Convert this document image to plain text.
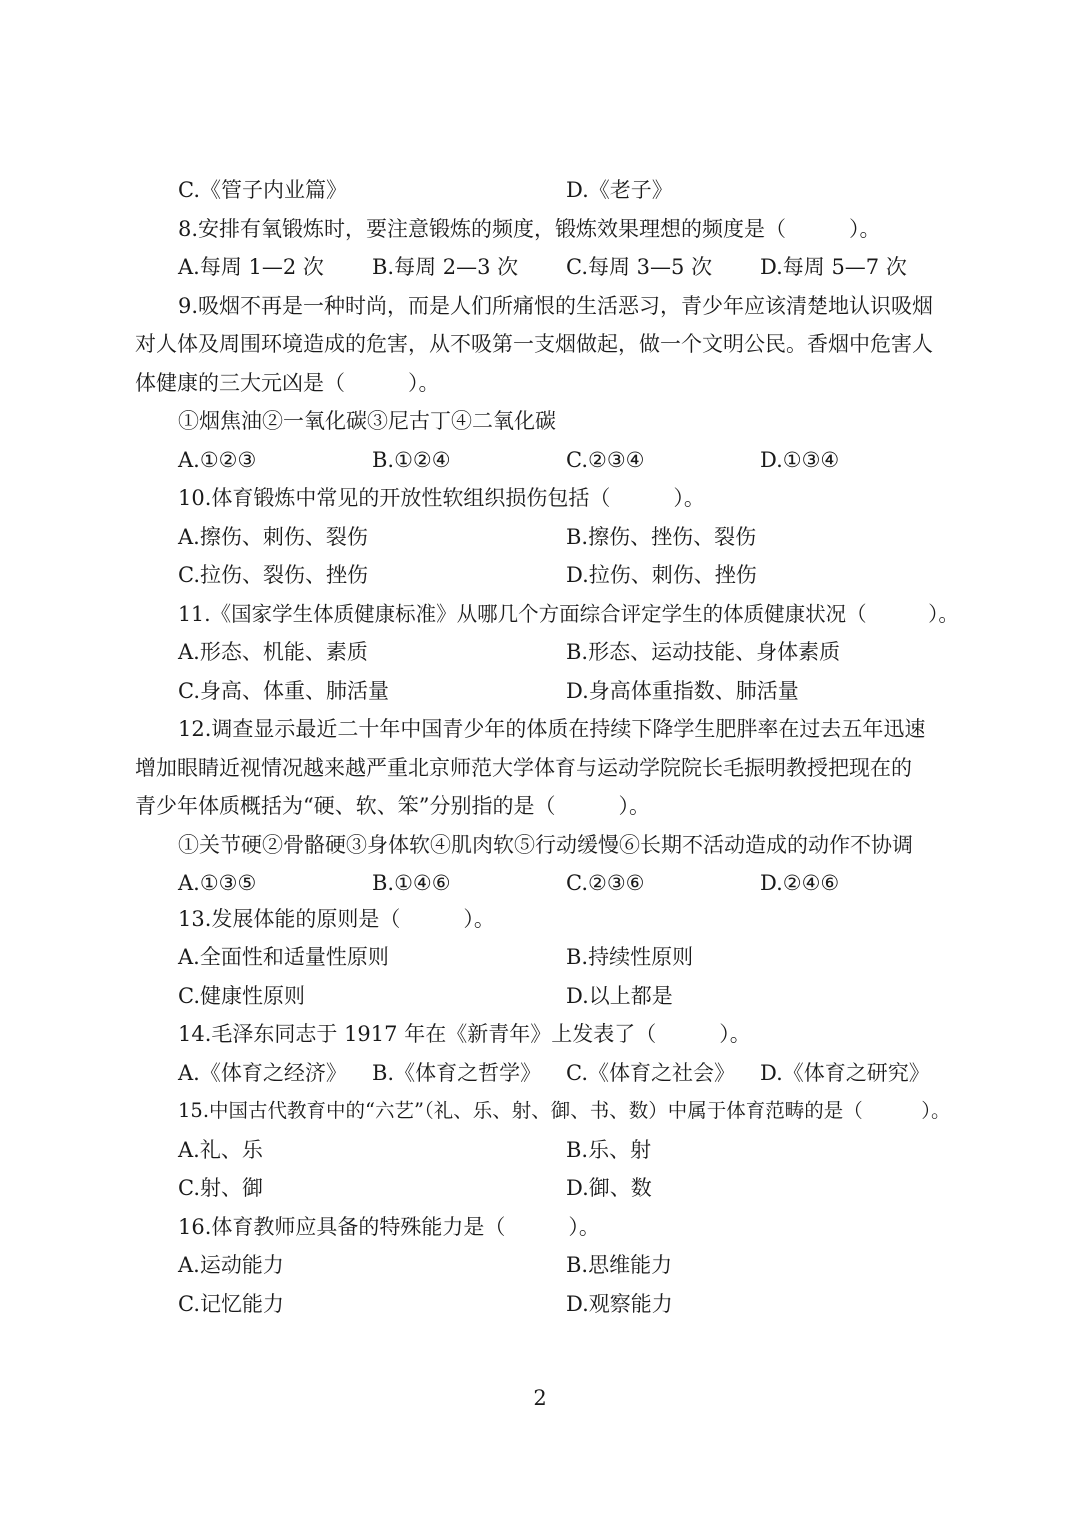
C.《管子内业篇》	D.《老子》
8.安排有氧锻炼时，要注意锻炼的频度，锻炼效果理想的频度是（　　　）。
A.每周 1—2 次 B.每周 2—3 次 C.每周 3—5 次 D.每周 5—7 次
9.吸烟不再是一种时尚，而是人们所痛恨的生活恶习，青少年应该清楚地认识吸烟
对人体及周围环境造成的危害，从不吸第一支烟做起，做一个文明公民。香烟中危害人
体健康的三大元凶是（　　　）。
①烟焦油②一氧化碳③尼古丁④二氧化碳
A.①②③	B.①②④	C.②③④	D.①③④
10.体育锻炼中常见的开放性软组织损伤包括（　　　）。
A.擦伤、刺伤、裂伤	B.擦伤、挫伤、裂伤
C.拉伤、裂伤、挫伤	D.拉伤、刺伤、挫伤
11.《国家学生体质健康标准》从哪几个方面综合评定学生的体质健康状况（　　　）。
A.形态、机能、素质	B.形态、运动技能、身体素质
C.身高、体重、肺活量	D.身高体重指数、肺活量
12.调查显示最近二十年中国青少年的体质在持续下降学生肥胖率在过去五年迅速
增加眼睛近视情况越来越严重北京师范大学体育与运动学院院长毛振明教授把现在的
青少年体质概括为“硬、软、笨”分别指的是（　　　）。
①关节硬②骨骼硬③身体软④肌肉软⑤行动缓慢⑥长期不活动造成的动作不协调
A.①③⑤	B.①④⑥	C.②③⑥	D.②④⑥
13.发展体能的原则是（　　　）。
A.全面性和适量性原则	B.持续性原则
C.健康性原则	D.以上都是
14.毛泽东同志于 1917 年在《新青年》上发表了（　　　）。
A.《体育之经济》 B.《体育之哲学》 C.《体育之社会》 D.《体育之研究》
15.中国古代教育中的“六艺”（礼、乐、射、御、书、数）中属于体育范畴的是（　　　）。
A.礼、乐	B.乐、射
C.射、御	D.御、数
16.体育教师应具备的特殊能力是（　　　）。
A.运动能力	B.思维能力
C.记忆能力	D.观察能力
2
